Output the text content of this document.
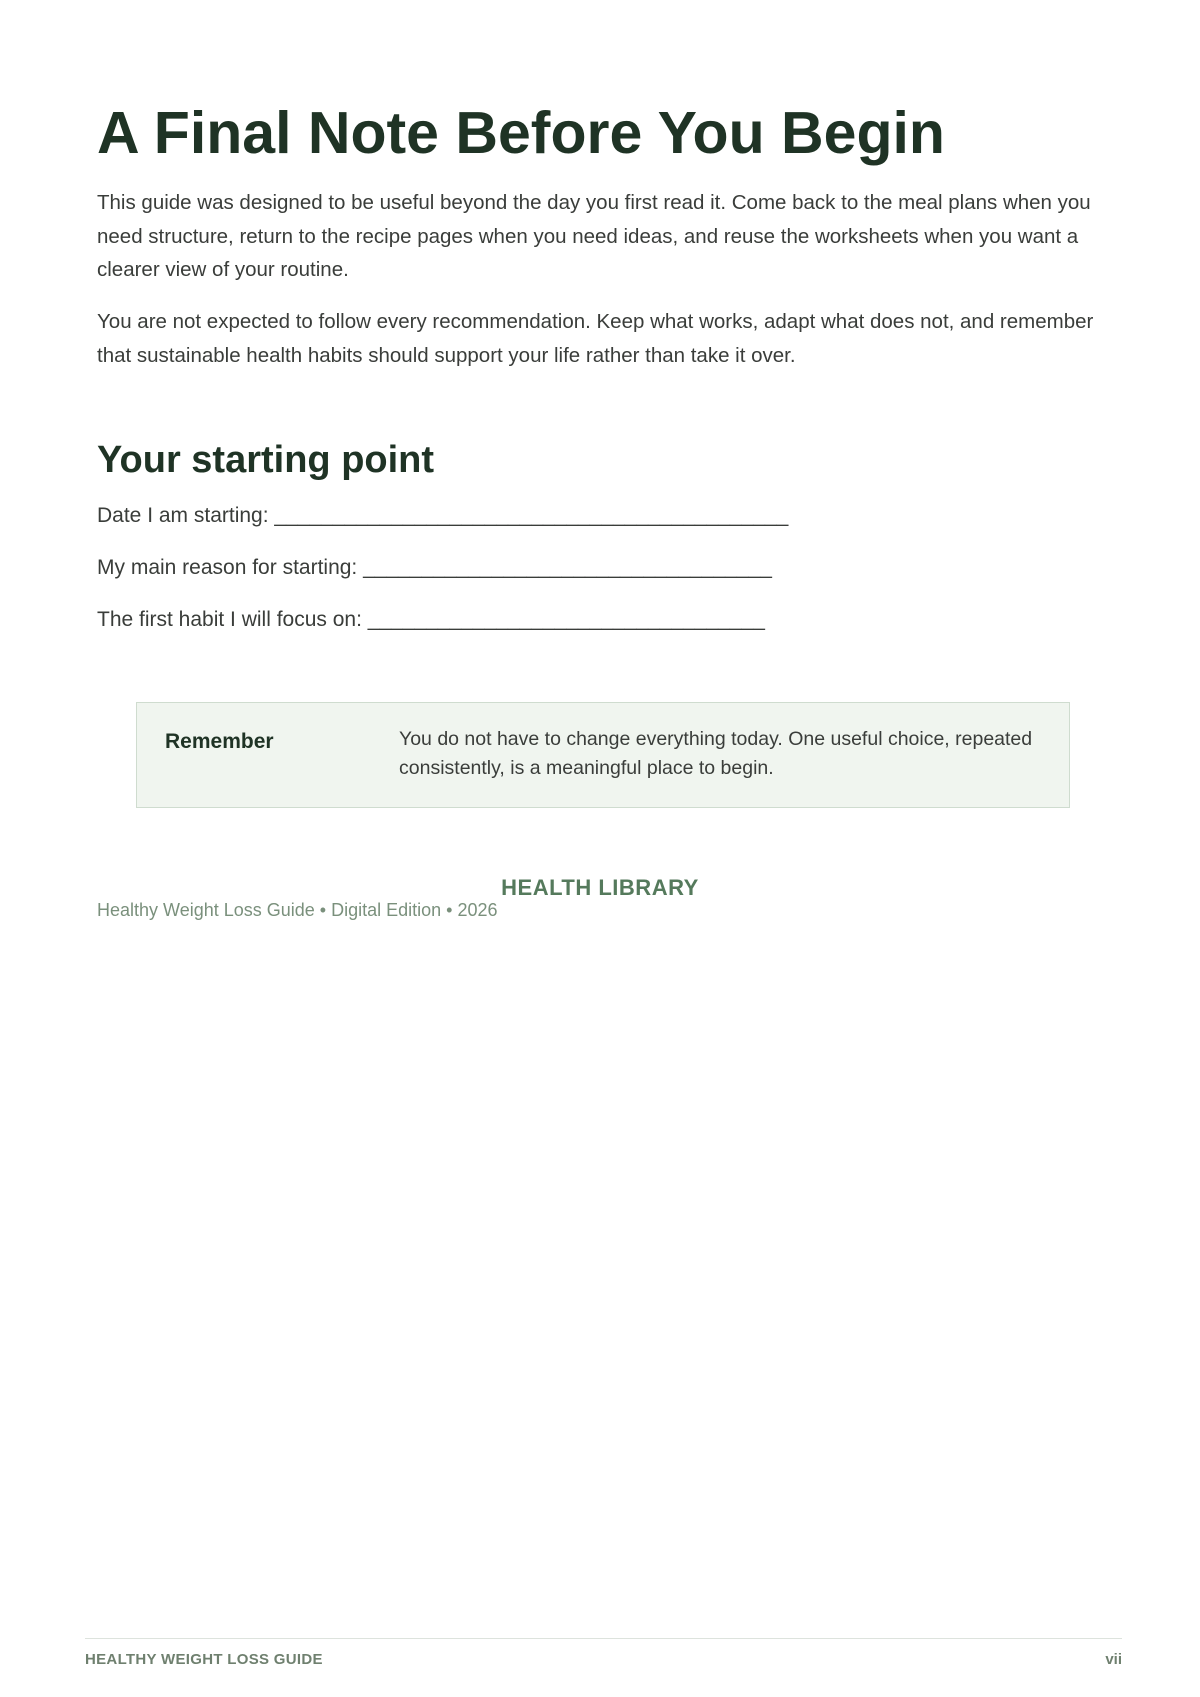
A Final Note Before You Begin

This guide was designed to be useful beyond the day you first read it. Come back to the meal plans when you need structure, return to the recipe pages when you need ideas, and reuse the worksheets when you want a clearer view of your routine.

You are not expected to follow every recommendation. Keep what works, adapt what does not, and remember that sustainable health habits should support your life rather than take it over.

Your starting point

Date I am starting: ____________________________________________

My main reason for starting: ___________________________________

The first habit I will focus on: __________________________________

Remember	You do not have to change everything today. One useful choice, repeated consistently, is a meaningful place to begin.

HEALTH LIBRARY
Healthy Weight Loss Guide • Digital Edition • 2026
HEALTHY WEIGHT LOSS GUIDE	vii
